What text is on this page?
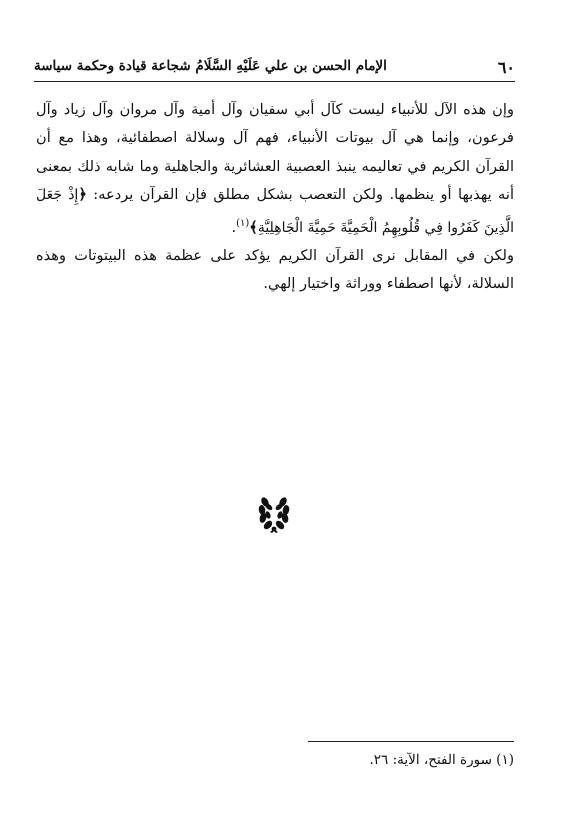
٦٠
الإمام الحسن بن علي عَلَيْهِ السَّلَامُ شجاعة قيادة وحكمة سياسة

وإن هذه الآل للأنبياء ليست كآل أبي سفيان وآل أمية وآل مروان وآل زياد وآل فرعون، وإنما هي آل بيوتات الأنبياء، فهم آل وسلالة اصطفائية، وهذا مع أن القرآن الكريم في تعاليمه ينبذ العصبية العشائرية والجاهلية وما شابه ذلك بمعنى أنه يهذبها أو ينظمها. ولكن التعصب بشكل مطلق فإن القرآن يردعه: ﴿إِذْ جَعَلَ الَّذِينَ كَفَرُوا فِي قُلُوبِهِمُ الْحَمِيَّةَ حَمِيَّةَ الْجَاهِلِيَّةِ﴾$^{(١)}$.

ولكن في المقابل نرى القرآن الكريم يؤكد على عظمة هذه البيتوتات وهذه السلالة، لأنها اصطفاء ووراثة واختيار إلهي.

(١) سورة الفتح، الآية: ٢٦.
